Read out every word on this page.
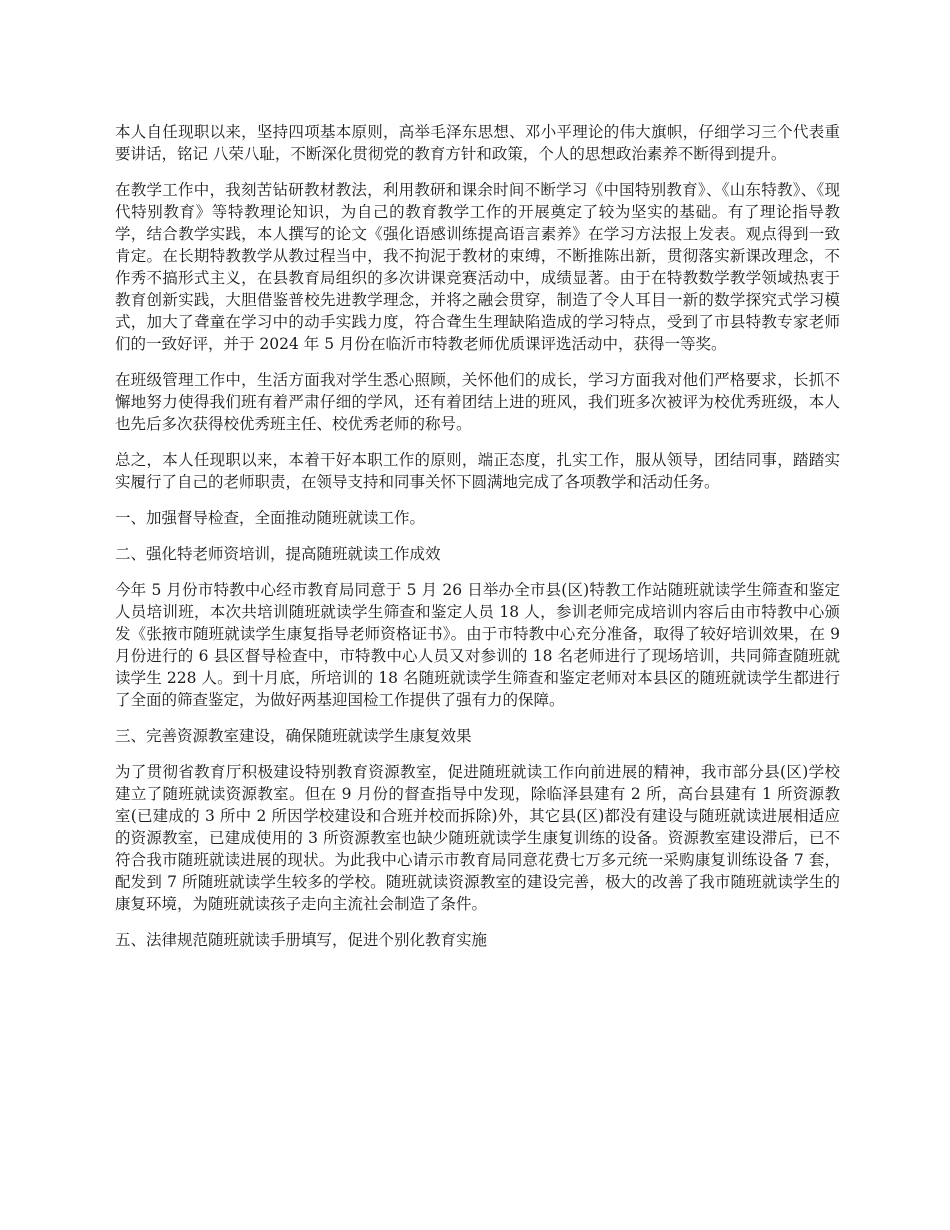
本人自任现职以来，坚持四项基本原则，高举毛泽东思想、邓小平理论的伟大旗帜，仔细学习三个代表重要讲话，铭记 八荣八耻，不断深化贯彻党的教育方针和政策，个人的思想政治素养不断得到提升。

在教学工作中，我刻苦钻研教材教法，利用教研和课余时间不断学习《中国特别教育》、《山东特教》、《现代特别教育》等特教理论知识，为自己的教育教学工作的开展奠定了较为坚实的基础。有了理论指导教学，结合教学实践，本人撰写的论文《强化语感训练提高语言素养》在学习方法报上发表。观点得到一致肯定。在长期特教教学从教过程当中，我不拘泥于教材的束缚，不断推陈出新，贯彻落实新课改理念，不作秀不搞形式主义，在县教育局组织的多次讲课竞赛活动中，成绩显著。由于在特教数学教学领域热衷于教育创新实践，大胆借鉴普校先进教学理念，并将之融会贯穿，制造了令人耳目一新的数学探究式学习模式，加大了聋童在学习中的动手实践力度，符合聋生生理缺陷造成的学习特点，受到了市县特教专家老师们的一致好评，并于 2024 年 5 月份在临沂市特教老师优质课评选活动中，获得一等奖。

在班级管理工作中，生活方面我对学生悉心照顾，关怀他们的成长，学习方面我对他们严格要求，长抓不懈地努力使得我们班有着严肃仔细的学风，还有着团结上进的班风，我们班多次被评为校优秀班级，本人也先后多次获得校优秀班主任、校优秀老师的称号。

总之，本人任现职以来，本着干好本职工作的原则，端正态度，扎实工作，服从领导，团结同事，踏踏实实履行了自己的老师职责，在领导支持和同事关怀下圆满地完成了各项教学和活动任务。

一、加强督导检查，全面推动随班就读工作。

二、强化特老师资培训，提高随班就读工作成效

今年 5 月份市特教中心经市教育局同意于 5 月 26 日举办全市县(区)特教工作站随班就读学生筛查和鉴定人员培训班，本次共培训随班就读学生筛查和鉴定人员 18 人，参训老师完成培训内容后由市特教中心颁发《张掖市随班就读学生康复指导老师资格证书》。由于市特教中心充分准备，取得了较好培训效果，在 9 月份进行的 6 县区督导检查中，市特教中心人员又对参训的 18 名老师进行了现场培训，共同筛查随班就读学生 228 人。到十月底，所培训的 18 名随班就读学生筛查和鉴定老师对本县区的随班就读学生都进行了全面的筛查鉴定，为做好两基迎国检工作提供了强有力的保障。

三、完善资源教室建设，确保随班就读学生康复效果

为了贯彻省教育厅积极建设特别教育资源教室，促进随班就读工作向前进展的精神，我市部分县(区)学校建立了随班就读资源教室。但在 9 月份的督查指导中发现，除临泽县建有 2 所，高台县建有 1 所资源教室(已建成的 3 所中 2 所因学校建设和合班并校而拆除)外，其它县(区)都没有建设与随班就读进展相适应的资源教室，已建成使用的 3 所资源教室也缺少随班就读学生康复训练的设备。资源教室建设滞后，已不符合我市随班就读进展的现状。为此我中心请示市教育局同意花费七万多元统一采购康复训练设备 7 套，配发到 7 所随班就读学生较多的学校。随班就读资源教室的建设完善，极大的改善了我市随班就读学生的康复环境，为随班就读孩子走向主流社会制造了条件。

五、法律规范随班就读手册填写，促进个别化教育实施
